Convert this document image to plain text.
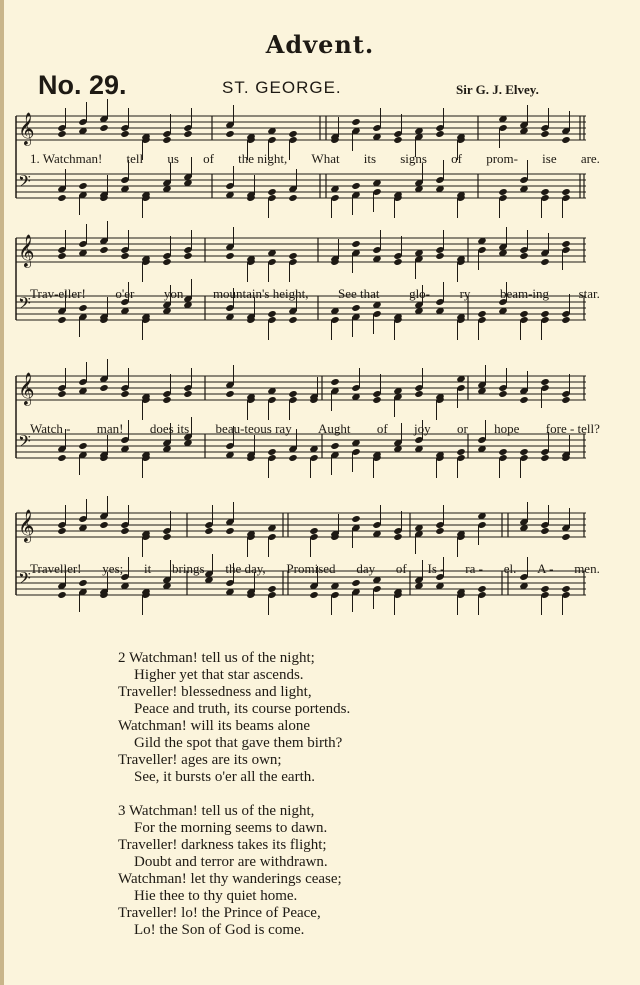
Advent.
No. 29.	ST. GEORGE.	Sir G. J. Elvey.
𝄞
𝄢
𝄞
𝄢
𝄞
𝄢
𝄞
𝄢
1. Watchman! tell us of the night, What its signs of prom- ise are.
Trav-eller! o'er yon mountain's height, See that glo- ry beam-ing star.
Watch - man! does its beau-teous ray Aught of joy or hope fore - tell?
Traveller! yes; it brings the day, Promised day of Is - ra - el. A - men.
2 Watchman! tell us of the night;
Higher yet that star ascends.
Traveller! blessedness and light,
Peace and truth, its course portends.
Watchman! will its beams alone
Gild the spot that gave them birth?
Traveller! ages are its own;
See, it bursts o'er all the earth.
3 Watchman! tell us of the night,
For the morning seems to dawn.
Traveller! darkness takes its flight;
Doubt and terror are withdrawn.
Watchman! let thy wanderings cease;
Hie thee to thy quiet home.
Traveller! lo! the Prince of Peace,
Lo! the Son of God is come.
